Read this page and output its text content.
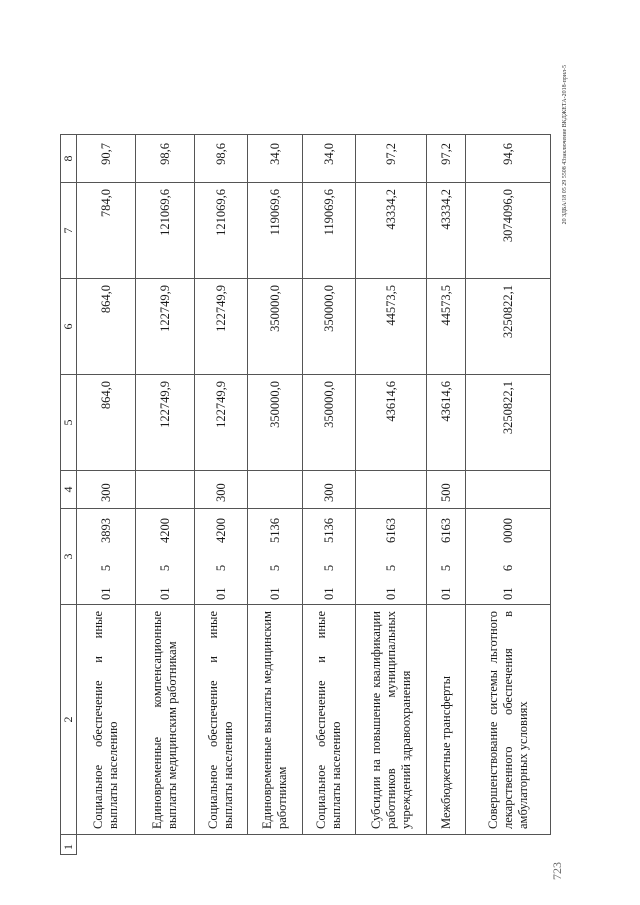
1	2	3	4	5	6	7	8
	Социальное обеспечение и иные выплаты населению	0153893	300	864,0	864,0	784,0	90,7
	Единовременные компенсационные выплаты медицинским работникам	0154200		122749,9	122749,9	121069,6	98,6
	Социальное обеспечение и иные выплаты населению	0154200	300	122749,9	122749,9	121069,6	98,6
	Единовременные выплаты медицинским работникам	0155136		350000,0	350000,0	119069,6	34,0
	Социальное обеспечение и иные выплаты населению	0155136	300	350000,0	350000,0	119069,6	34,0
	Субсидии на повышение квалификации работников муниципальных учреждений здравоохранения	0156163		43614,6	44573,5	43334,2	97,2
	Межбюджетные трансферты	0156163	500	43614,6	44573,5	43334,2	97,2
	Совершенствование системы льготного лекарственного обеспечения в амбулаторных условиях	0160000		3250822,1	3250822,1	3074096,0	94,6	20 ЗДБА/18 05 29 5508 43заключение ВКДЖЕТА-2018-прил-5
723
